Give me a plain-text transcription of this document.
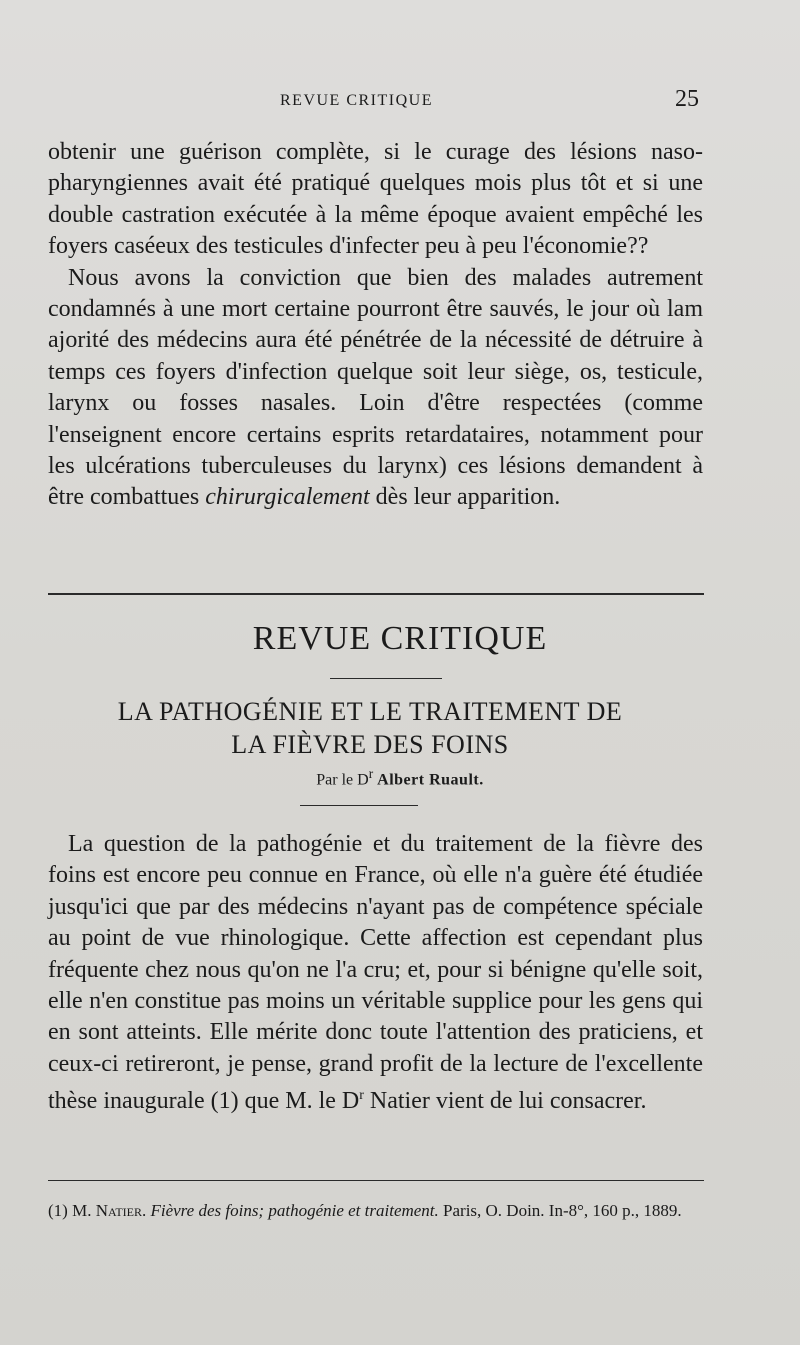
REVUE CRITIQUE	25

obtenir une guérison complète, si le curage des lésions naso-pharyngiennes avait été pratiqué quelques mois plus tôt et si une double castration exécutée à la même époque avaient empêché les foyers caséeux des testicules d'infecter peu à peu l'économie??

Nous avons la conviction que bien des malades autrement condamnés à une mort certaine pourront être sauvés, le jour où lam ajorité des médecins aura été pénétrée de la nécessité de détruire à temps ces foyers d'infection quelque soit leur siège, os, testicule, larynx ou fosses nasales. Loin d'être respectées (comme l'enseignent encore certains esprits retardataires, notamment pour les ulcérations tuberculeuses du larynx) ces lésions demandent à être combattues chirurgicalement dès leur apparition.

REVUE CRITIQUE
LA PATHOGÉNIE ET LE TRAITEMENT DE
LA FIÈVRE DES FOINS
Par le $D^r$ Albert Ruault.

La question de la pathogénie et du traitement de la fièvre des foins est encore peu connue en France, où elle n'a guère été étudiée jusqu'ici que par des médecins n'ayant pas de compétence spéciale au point de vue rhinologique. Cette affection est cependant plus fréquente chez nous qu'on ne l'a cru; et, pour si bénigne qu'elle soit, elle n'en constitue pas moins un véritable supplice pour les gens qui en sont atteints. Elle mérite donc toute l'attention des praticiens, et ceux-ci retireront, je pense, grand profit de la lecture de l'excellente thèse inaugurale (1) que M. le $D^r$ Natier vient de lui consacrer.

(1) M. Natier. Fièvre des foins; pathogénie et traitement. Paris, O. Doin. In-8°, 160 p., 1889.
